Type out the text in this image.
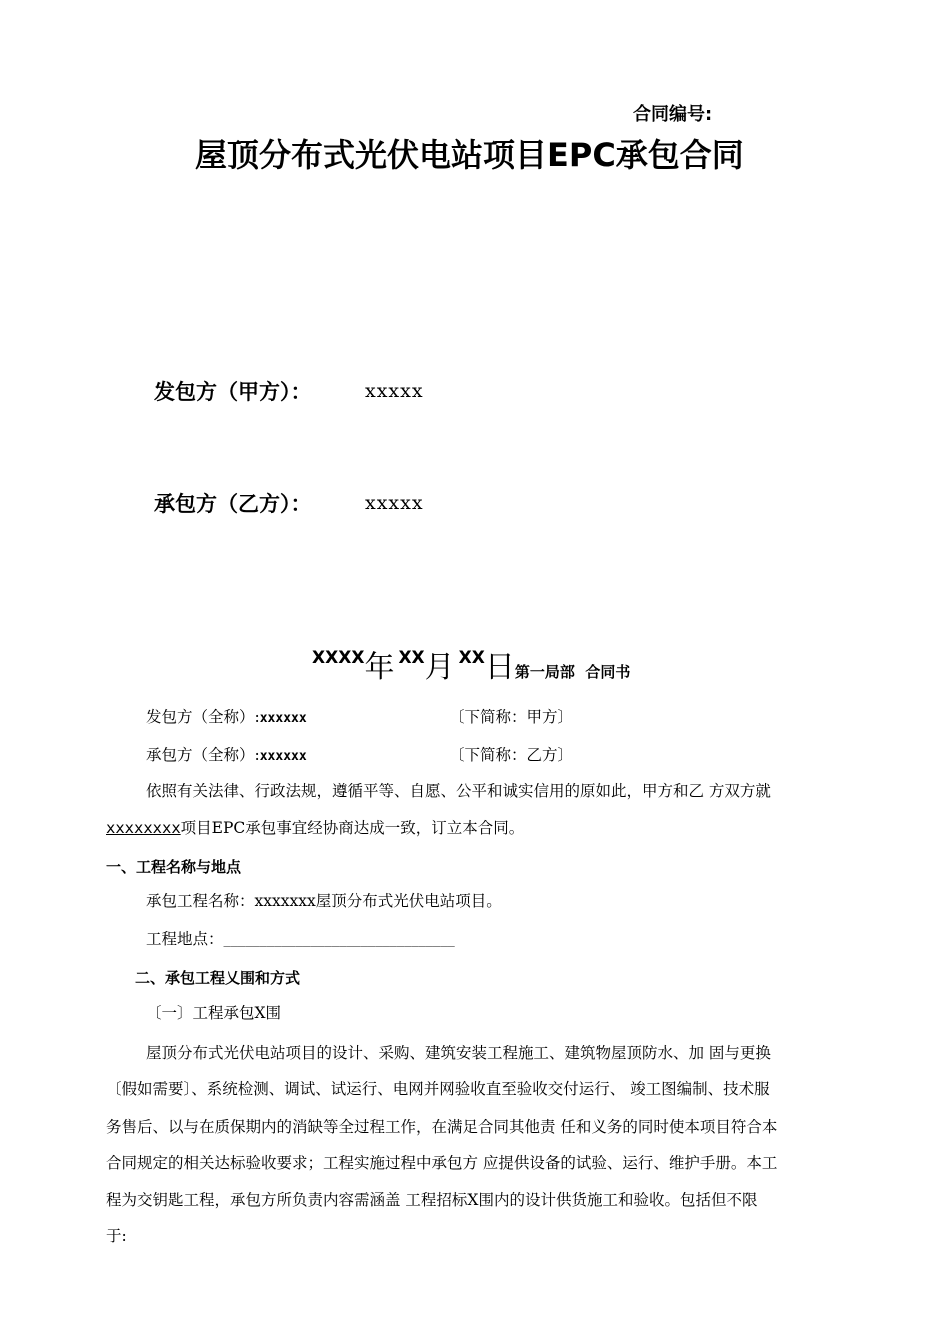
合同编号:
屋顶分布式光伏电站项目EPC承包合同
发包方（甲方）：	xxxxx
承包方（乙方）：	xxxxx
XXXX年 XX月 XX日第一局部  合同书
发包方（全称）:xxxxxx	〔下简称：甲方〕
承包方（全称）:xxxxxx	〔下简称：乙方〕
依照有关法律、行政法规，遵循平等、自愿、公平和诚实信用的原如此，甲方和乙 方双方就
xxxxxxxx项目EPC承包事宜经协商达成一致，订立本合同。
一、工程名称与地点
承包工程名称：xxxxxxx屋顶分布式光伏电站项目。
工程地点：________________________________
二、承包工程乂围和方式
〔一〕工程承包X围
屋顶分布式光伏电站项目的设计、采购、建筑安装工程施工、建筑物屋顶防水、加 固与更换
〔假如需要〕、系统检测、调试、试运行、电网并网验收直至验收交付运行、 竣工图编制、技术服
务售后、以与在质保期内的消缺等全过程工作，在满足合同其他责 任和义务的同时使本项目符合本
合同规定的相关达标验收要求；工程实施过程中承包方 应提供设备的试验、运行、维护手册。本工
程为交钥匙工程，承包方所负责内容需涵盖 工程招标X围内的设计供货施工和验收。包括但不限
于:
